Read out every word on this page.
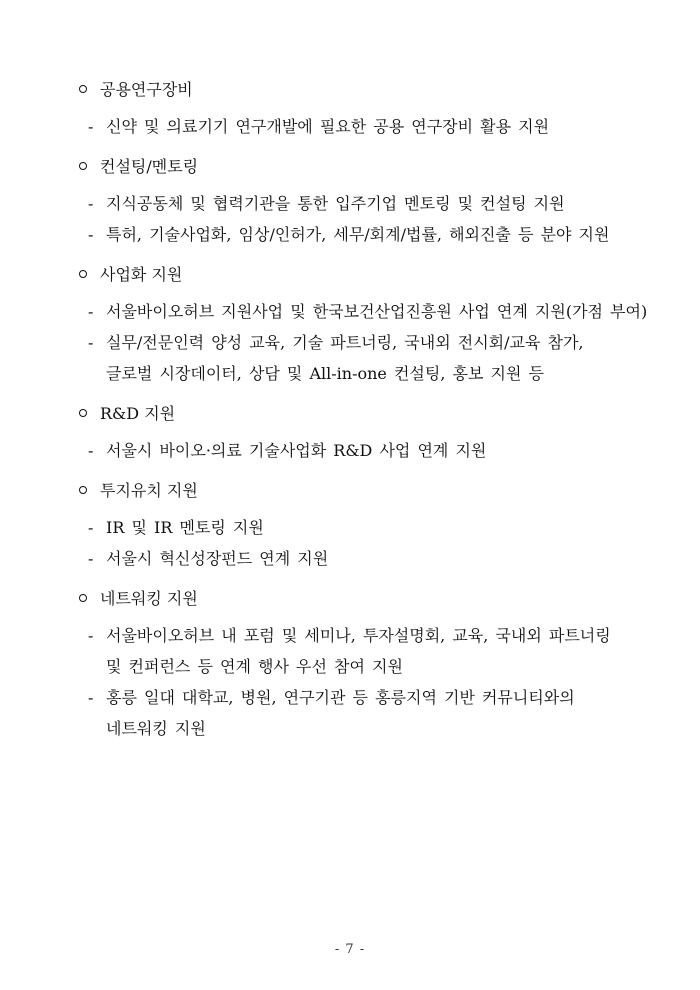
공용연구장비
- 신약 및 의료기기 연구개발에 필요한 공용 연구장비 활용 지원
컨설팅/멘토링
- 지식공동체 및 협력기관을 통한 입주기업 멘토링 및 컨설팅 지원
- 특허, 기술사업화, 임상/인허가, 세무/회계/법률, 해외진출 등 분야 지원
사업화 지원
- 서울바이오허브 지원사업 및 한국보건산업진흥원 사업 연계 지원(가점 부여)
- 실무/전문인력 양성 교육, 기술 파트너링, 국내외 전시회/교육 참가,
글로벌 시장데이터, 상담 및 All-in-one 컨설팅, 홍보 지원 등
R&D 지원
- 서울시 바이오·의료 기술사업화 R&D 사업 연계 지원
투지유치 지원
- IR 및 IR 멘토링 지원
- 서울시 혁신성장펀드 연계 지원
네트워킹 지원
- 서울바이오허브 내 포럼 및 세미나, 투자설명회, 교육, 국내외 파트너링
및 컨퍼런스 등 연계 행사 우선 참여 지원
- 홍릉 일대 대학교, 병원, 연구기관 등 홍릉지역 기반 커뮤니티와의
네트워킹 지원
- 7 -
